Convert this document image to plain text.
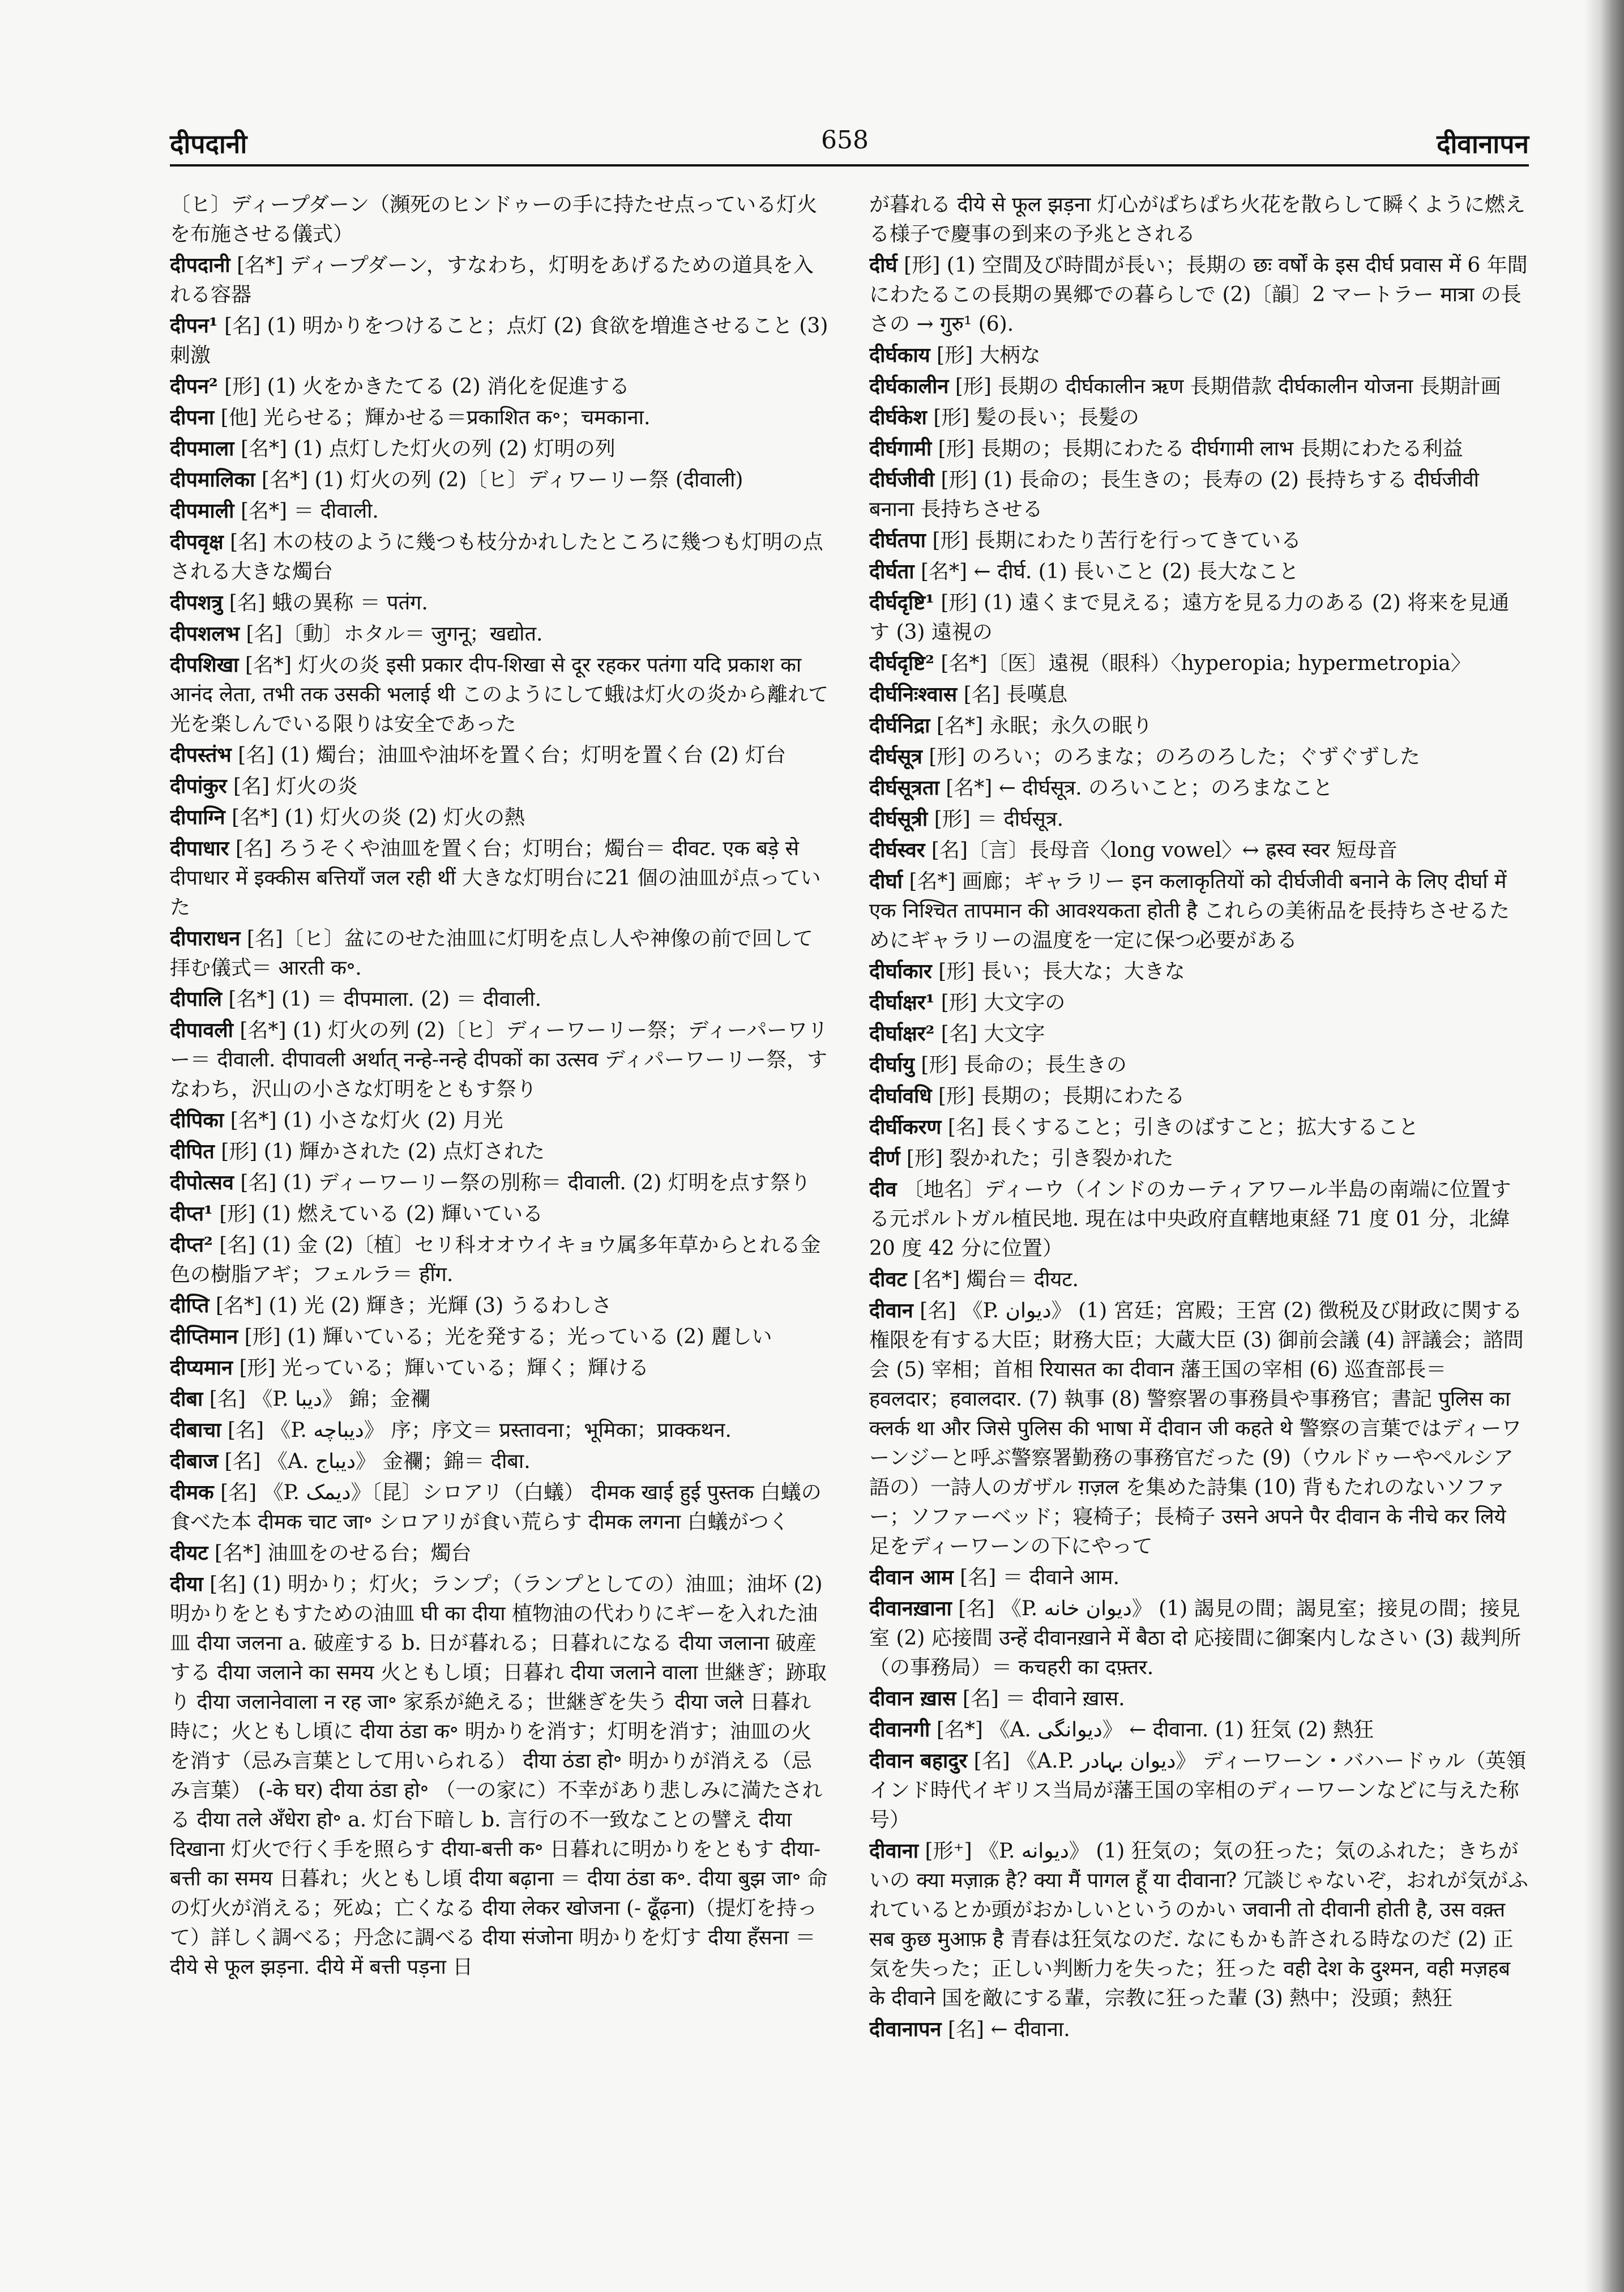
दीपदानी	658	दीवानापन
〔ヒ〕ディープダーン（瀕死のヒンドゥーの手に持たせ点っている灯火を布施させる儀式）
दीपदानी [名*] ディープダーン，すなわち，灯明をあげるための道具を入れる容器
दीपन¹ [名] (1) 明かりをつけること；点灯 (2) 食欲を増進させること (3) 刺激
दीपन² [形] (1) 火をかきたてる (2) 消化を促進する
दीपना [他] 光らせる；輝かせる＝प्रकाशित क॰；चमकाना.
दीपमाला [名*] (1) 点灯した灯火の列 (2) 灯明の列
दीपमालिका [名*] (1) 灯火の列 (2)〔ヒ〕ディワーリー祭 (दीवाली)
दीपमाली [名*] ＝ दीवाली.
दीपवृक्ष [名] 木の枝のように幾つも枝分かれしたところに幾つも灯明の点される大きな燭台
दीपशत्रु [名] 蛾の異称 ＝ पतंग.
दीपशलभ [名]〔動〕ホタル＝ जुगनू；खद्योत.
दीपशिखा [名*] 灯火の炎 इसी प्रकार दीप-शिखा से दूर रहकर पतंगा यदि प्रकाश का आनंद लेता, तभी तक उसकी भलाई थी このようにして蛾は灯火の炎から離れて光を楽しんでいる限りは安全であった
दीपस्तंभ [名] (1) 燭台；油皿や油坏を置く台；灯明を置く台 (2) 灯台
दीपांकुर [名] 灯火の炎
दीपाग्नि [名*] (1) 灯火の炎 (2) 灯火の熱
दीपाधार [名] ろうそくや油皿を置く台；灯明台；燭台＝ दीवट. एक बड़े से दीपाधार में इक्कीस बत्तियाँ जल रही थीं 大きな灯明台に21 個の油皿が点っていた
दीपाराधन [名]〔ヒ〕盆にのせた油皿に灯明を点し人や神像の前で回して拝む儀式＝ आरती क॰.
दीपालि [名*] (1) ＝ दीपमाला. (2) ＝ दीवाली.
दीपावली [名*] (1) 灯火の列 (2)〔ヒ〕ディーワーリー祭；ディーパーワリー＝ दीवाली. दीपावली अर्थात् नन्हे-नन्हे दीपकों का उत्सव ディパーワーリー祭，すなわち，沢山の小さな灯明をともす祭り
दीपिका [名*] (1) 小さな灯火 (2) 月光
दीपित [形] (1) 輝かされた (2) 点灯された
दीपोत्सव [名] (1) ディーワーリー祭の別称＝ दीवाली. (2) 灯明を点す祭り
दीप्त¹ [形] (1) 燃えている (2) 輝いている
दीप्त² [名] (1) 金 (2)〔植〕セリ科オオウイキョウ属多年草からとれる金色の樹脂アギ；フェルラ＝ हींग.
दीप्ति [名*] (1) 光 (2) 輝き；光輝 (3) うるわしさ
दीप्तिमान [形] (1) 輝いている；光を発する；光っている (2) 麗しい
दीप्यमान [形] 光っている；輝いている；輝く；輝ける
दीबा [名] 《P. ديبا》 錦；金襴
दीबाचा [名] 《P. ديباچه》 序；序文＝ प्रस्तावना；भूमिका；प्राक्कथन.
दीबाज [名] 《A. ديباج》 金襴；錦＝ दीबा.
दीमक [名] 《P. ديمک》〔昆〕シロアリ（白蟻） दीमक खाई हुई पुस्तक 白蟻の食べた本 दीमक चाट जा॰ シロアリが食い荒らす दीमक लगना 白蟻がつく
दीयट [名*] 油皿をのせる台；燭台
दीया [名] (1) 明かり；灯火；ランプ；（ランプとしての）油皿；油坏 (2) 明かりをともすための油皿 घी का दीया 植物油の代わりにギーを入れた油皿 दीया जलना a. 破産する b. 日が暮れる；日暮れになる दीया जलाना 破産する दीया जलाने का समय 火ともし頃；日暮れ दीया जलाने वाला 世継ぎ；跡取り दीया जलानेवाला न रह जा॰ 家系が絶える；世継ぎを失う दीया जले 日暮れ時に；火ともし頃に दीया ठंडा क॰ 明かりを消す；灯明を消す；油皿の火を消す（忌み言葉として用いられる） दीया ठंडा हो॰ 明かりが消える（忌み言葉） (-के घर) दीया ठंडा हो॰ （一の家に）不幸があり悲しみに満たされる दीया तले अँधेरा हो॰ a. 灯台下暗し b. 言行の不一致なことの譬え दीया दिखाना 灯火で行く手を照らす दीया-बत्ती क॰ 日暮れに明かりをともす दीया-बत्ती का समय 日暮れ；火ともし頃 दीया बढ़ाना ＝ दीया ठंडा क॰. दीया बुझ जा॰ 命の灯火が消える；死ぬ；亡くなる दीया लेकर खोजना (- ढूँढ़ना)（提灯を持って）詳しく調べる；丹念に調べる दीया संजोना 明かりを灯す दीया हँसना ＝ दीये से फूल झड़ना. दीये में बत्ती पड़ना 日
が暮れる दीये से फूल झड़ना 灯心がぱちぱち火花を散らして瞬くように燃える様子で慶事の到来の予兆とされる
दीर्घ [形] (1) 空間及び時間が長い；長期の छः वर्षों के इस दीर्घ प्रवास में 6 年間にわたるこの長期の異郷での暮らしで (2)〔韻〕2 マートラー मात्रा の長さの → गुरु¹ (6).
दीर्घकाय [形] 大柄な
दीर्घकालीन [形] 長期の दीर्घकालीन ऋण 長期借款 दीर्घकालीन योजना 長期計画
दीर्घकेश [形] 髪の長い；長髪の
दीर्घगामी [形] 長期の；長期にわたる दीर्घगामी लाभ 長期にわたる利益
दीर्घजीवी [形] (1) 長命の；長生きの；長寿の (2) 長持ちする दीर्घजीवी बनाना 長持ちさせる
दीर्घतपा [形] 長期にわたり苦行を行ってきている
दीर्घता [名*] ← दीर्घ. (1) 長いこと (2) 長大なこと
दीर्घदृष्टि¹ [形] (1) 遠くまで見える；遠方を見る力のある (2) 将来を見通す (3) 遠視の
दीर्घदृष्टि² [名*]〔医〕遠視（眼科）〈hyperopia; hypermetropia〉
दीर्घनिःश्वास [名] 長嘆息
दीर्घनिद्रा [名*] 永眠；永久の眠り
दीर्घसूत्र [形] のろい；のろまな；のろのろした；ぐずぐずした
दीर्घसूत्रता [名*] ← दीर्घसूत्र. のろいこと；のろまなこと
दीर्घसूत्री [形] ＝ दीर्घसूत्र.
दीर्घस्वर [名]〔言〕長母音〈long vowel〉↔ ह्रस्व स्वर 短母音
दीर्घा [名*] 画廊；ギャラリー इन कलाकृतियों को दीर्घजीवी बनाने के लिए दीर्घा में एक निश्चित तापमान की आवश्यकता होती है これらの美術品を長持ちさせるためにギャラリーの温度を一定に保つ必要がある
दीर्घाकार [形] 長い；長大な；大きな
दीर्घाक्षर¹ [形] 大文字の
दीर्घाक्षर² [名] 大文字
दीर्घायु [形] 長命の；長生きの
दीर्घावधि [形] 長期の；長期にわたる
दीर्घीकरण [名] 長くすること；引きのばすこと；拡大すること
दीर्ण [形] 裂かれた；引き裂かれた
दीव 〔地名〕ディーウ（インドのカーティアワール半島の南端に位置する元ポルトガル植民地. 現在は中央政府直轄地東経 71 度 01 分，北緯 20 度 42 分に位置）
दीवट [名*] 燭台＝ दीयट.
दीवान [名] 《P. ديوان》 (1) 宮廷；宮殿；王宮 (2) 徴税及び財政に関する権限を有する大臣；財務大臣；大蔵大臣 (3) 御前会議 (4) 評議会；諮問会 (5) 宰相；首相 रियासत का दीवान 藩王国の宰相 (6) 巡査部長＝ हवलदार；हवालदार. (7) 執事 (8) 警察署の事務員や事務官；書記 पुलिस का क्लर्क था और जिसे पुलिस की भाषा में दीवान जी कहते थे 警察の言葉ではディーワーンジーと呼ぶ警察署勤務の事務官だった (9)（ウルドゥーやペルシア語の）一詩人のガザル ग़ज़ल を集めた詩集 (10) 背もたれのないソファー；ソファーベッド；寝椅子；長椅子 उसने अपने पैर दीवान के नीचे कर लिये 足をディーワーンの下にやって
दीवान आम [名] ＝ दीवाने आम.
दीवानख़ाना [名] 《P. ديوان خانه》 (1) 謁見の間；謁見室；接見の間；接見室 (2) 応接間 उन्हें दीवानख़ाने में बैठा दो 応接間に御案内しなさい (3) 裁判所（の事務局）＝ कचहरी का दफ़्तर.
दीवान ख़ास [名] ＝ दीवाने ख़ास.
दीवानगी [名*] 《A. ديوانگی》 ← दीवाना. (1) 狂気 (2) 熱狂
दीवान बहादुर [名] 《A.P. ديوان بہادر》 ディーワーン・バハードゥル（英領インド時代イギリス当局が藩王国の宰相のディーワーンなどに与えた称号）
दीवाना [形⁺] 《P. ديوانه》 (1) 狂気の；気の狂った；気のふれた；きちがいの क्या मज़ाक़ है? क्या मैं पागल हूँ या दीवाना? 冗談じゃないぞ，おれが気がふれているとか頭がおかしいというのかい जवानी तो दीवानी होती है, उस वक़्त सब कुछ मुआफ़ है 青春は狂気なのだ. なにもかも許される時なのだ (2) 正気を失った；正しい判断力を失った；狂った वही देश के दुश्मन, वही मज़हब के दीवाने 国を敵にする輩，宗教に狂った輩 (3) 熱中；没頭；熱狂
दीवानापन [名] ← दीवाना.
